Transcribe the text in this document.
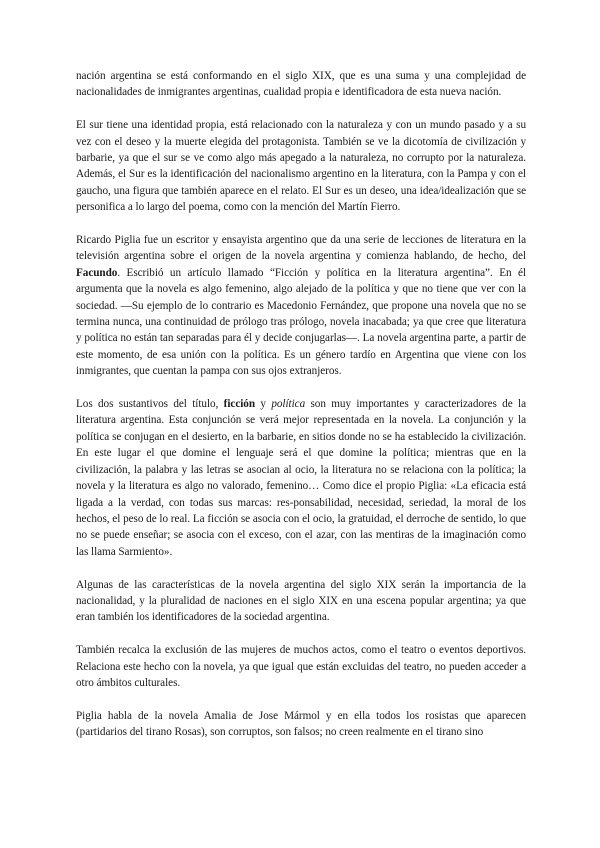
nación argentina se está conformando en el siglo XIX, que es una suma y una complejidad de nacionalidades de inmigrantes argentinas, cualidad propia e identificadora de esta nueva nación.

El sur tiene una identidad propia, está relacionado con la naturaleza y con un mundo pasado y a su vez con el deseo y la muerte elegida del protagonista. También se ve la dicotomía de civilización y barbarie, ya que el sur se ve como algo más apegado a la naturaleza, no corrupto por la naturaleza. Además, el Sur es la identificación del nacionalismo argentino en la literatura, con la Pampa y con el gaucho, una figura que también aparece en el relato. El Sur es un deseo, una idea/idealización que se personifica a lo largo del poema, como con la mención del Martín Fierro.

Ricardo Piglia fue un escritor y ensayista argentino que da una serie de lecciones de literatura en la televisión argentina sobre el origen de la novela argentina y comienza hablando, de hecho, del Facundo. Escribió un artículo llamado “Ficción y política en la literatura argentina”. En él argumenta que la novela es algo femenino, algo alejado de la política y que no tiene que ver con la sociedad. —Su ejemplo de lo contrario es Macedonio Fernández, que propone una novela que no se termina nunca, una continuidad de prólogo tras prólogo, novela inacabada; ya que cree que literatura y política no están tan separadas para él y decide conjugarlas—. La novela argentina parte, a partir de este momento, de esa unión con la política. Es un género tardío en Argentina que viene con los inmigrantes, que cuentan la pampa con sus ojos extranjeros.

Los dos sustantivos del título, ficción y política son muy importantes y caracterizadores de la literatura argentina. Esta conjunción se verá mejor representada en la novela. La conjunción y la política se conjugan en el desierto, en la barbarie, en sitios donde no se ha establecido la civilización. En este lugar el que domine el lenguaje será el que domine la política; mientras que en la civilización, la palabra y las letras se asocian al ocio, la literatura no se relaciona con la política; la novela y la literatura es algo no valorado, femenino… Como dice el propio Piglia: «La eficacia está ligada a la verdad, con todas sus marcas: res-ponsabilidad, necesidad, seriedad, la moral de los hechos, el peso de lo real. La ficción se asocia con el ocio, la gratuidad, el derroche de sentido, lo que no se puede enseñar; se asocia con el exceso, con el azar, con las mentiras de la imaginación como las llama Sarmiento».

Algunas de las características de la novela argentina del siglo XIX serán la importancia de la nacionalidad, y la pluralidad de naciones en el siglo XIX en una escena popular argentina; ya que eran también los identificadores de la sociedad argentina.

También recalca la exclusión de las mujeres de muchos actos, como el teatro o eventos deportivos. Relaciona este hecho con la novela, ya que igual que están excluidas del teatro, no pueden acceder a otro ámbitos culturales.

Piglia habla de la novela Amalia de Jose Mármol y en ella todos los rosistas que aparecen (partidarios del tirano Rosas), son corruptos, son falsos; no creen realmente en el tirano sino
